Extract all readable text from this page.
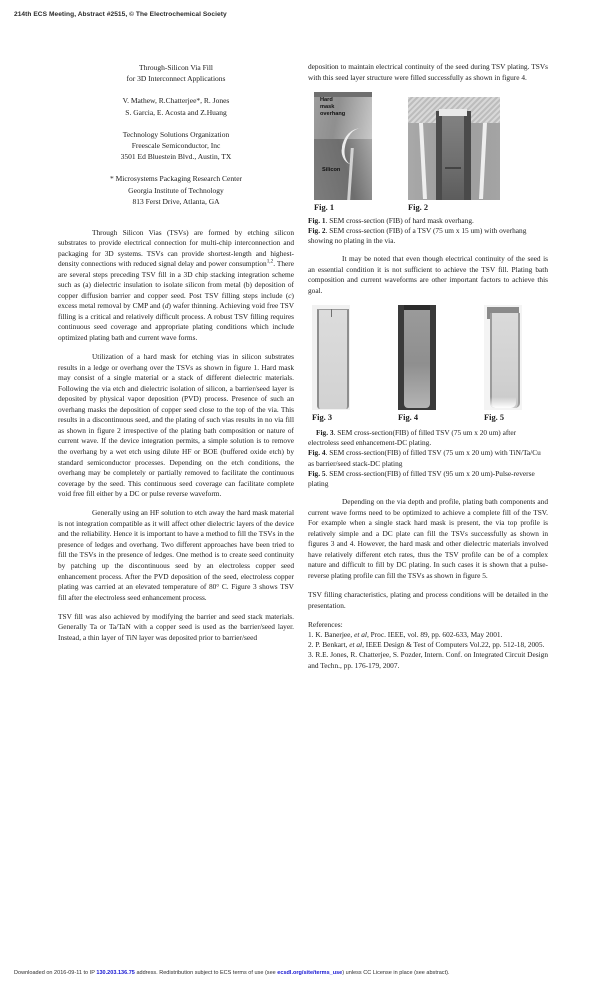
214th ECS Meeting, Abstract #2515, © The Electrochemical Society
Through-Silicon Via Fill
for 3D Interconnect Applications
V. Mathew, R.Chatterjee*, R. Jones
S. Garcia, E. Acosta and Z.Huang
Technology Solutions Organization
Freescale Semiconductor, Inc
3501 Ed Bluestein Blvd., Austin, TX
* Microsystems Packaging Research Center
Georgia Institute of Technology
813 Ferst Drive, Atlanta, GA

Through Silicon Vias (TSVs) are formed by etching silicon substrates to provide electrical connection for multi-chip interconnection and packaging for 3D systems. TSVs can provide shortest-length and highest-density connections with reduced signal delay and power consumption$^{1,2}$. There are several steps preceding TSV fill in a 3D chip stacking integration scheme such as (a) dielectric insulation to isolate silicon from metal (b) deposition of copper diffusion barrier and copper seed. Post TSV filling steps include (c) excess metal removal by CMP and (d) wafer thinning. Achieving void free TSV filling is a critical and relatively difficult process. A robust TSV filling requires continuous seed coverage and appropriate plating conditions which include optimized plating bath and current wave forms.

Utilization of a hard mask for etching vias in silicon substrates results in a ledge or overhang over the TSVs as shown in figure 1. Hard mask may consist of a single material or a stack of different dielectric materials. Following the via etch and dielectric isolation of silicon, a barrier/seed layer is deposited by physical vapor deposition (PVD) process. Presence of such an overhang masks the deposition of copper seed close to the top of the via. This results in a discontinuous seed, and the plating of such vias results in no via fill as shown in figure 2 irrespective of the plating bath composition or nature of current wave. If the device integration permits, a simple solution is to remove the overhang by a wet etch using dilute HF or BOE (buffered oxide etch) by standard semiconductor processes. Depending on the etch conditions, the overhang may be completely or partially removed to facilitate the continuous coverage by the seed. This continuous seed coverage can facilitate complete void free fill either by a DC or pulse reverse waveform.

Generally using an HF solution to etch away the hard mask material is not integration compatible as it will affect other dielectric layers of the device and the reliability. Hence it is important to have a method to fill the TSVs in the presence of ledges and overhang. Two different approaches have been tried to fill the TSVs in the presence of ledges. One method is to create seed continuity by patching up the discontinuous seed by an electroless copper seed enhancement process. After the PVD deposition of the seed, electroless copper plating was carried at an elevated temperature of 80° C. Figure 3 shows TSV fill after the electroless seed enhancement process.

TSV fill was also achieved by modifying the barrier and seed stack materials. Generally Ta or Ta/TaN with a copper seed is used as the barrier/seed layer. Instead, a thin layer of TiN layer was deposited prior to barrier/seed

deposition to maintain electrical continuity of the seed during TSV plating. TSVs with this seed layer structure were filled successfully as shown in figure 4.

Hard
mask
overhang
Silicon
Fig. 1	Fig. 2
Fig. 1. SEM cross-section (FIB) of hard mask overhang.
Fig. 2. SEM cross-section (FIB) of a TSV (75 um x 15 um) with overhang showing no plating in the via.

It may be noted that even though electrical continuity of the seed is an essential condition it is not sufficient to achieve the TSV fill. Plating bath composition and current waveforms are other important factors to achieve this goal.

Fig. 3	Fig. 4	Fig. 5
Fig. 3. SEM cross-section(FIB) of filled TSV (75 um x 20 um) after electroless seed enhancement-DC plating.
Fig. 4. SEM cross-section(FIB) of filled TSV (75 um x 20 um) with TiN/Ta/Cu as barrier/seed stack-DC plating
Fig. 5. SEM cross-section(FIB) of filled TSV (95 um x 20 um)-Pulse-reverse plating

Depending on the via depth and profile, plating bath components and current wave forms need to be optimized to achieve a complete fill of the TSV. For example when a single stack hard mask is present, the via top profile is relatively simple and a DC plate can fill the TSVs successfully as shown in figures 3 and 4. However, the hard mask and other dielectric materials involved have relatively different etch rates, thus the TSV profile can be of a complex nature and difficult to fill by DC plating. In such cases it is shown that a pulse-reverse plating profile can fill the TSVs as shown in figure 5.

TSV filling characteristics, plating and process conditions will be detailed in the presentation.

References:

1. K. Banerjee, et al, Proc. IEEE, vol. 89, pp. 602-633, May 2001.

2. P. Benkart, et al, IEEE Design & Test of Computers Vol.22, pp. 512-18, 2005.

3. R.E. Jones, R. Chatterjee, S. Pozder, Intern. Conf. on Integrated Circuit Design and Techn., pp. 176-179, 2007.

Downloaded on 2016-09-11 to IP 130.203.136.75 address. Redistribution subject to ECS terms of use (see ecsdl.org/site/terms_use) unless CC License in place (see abstract).
